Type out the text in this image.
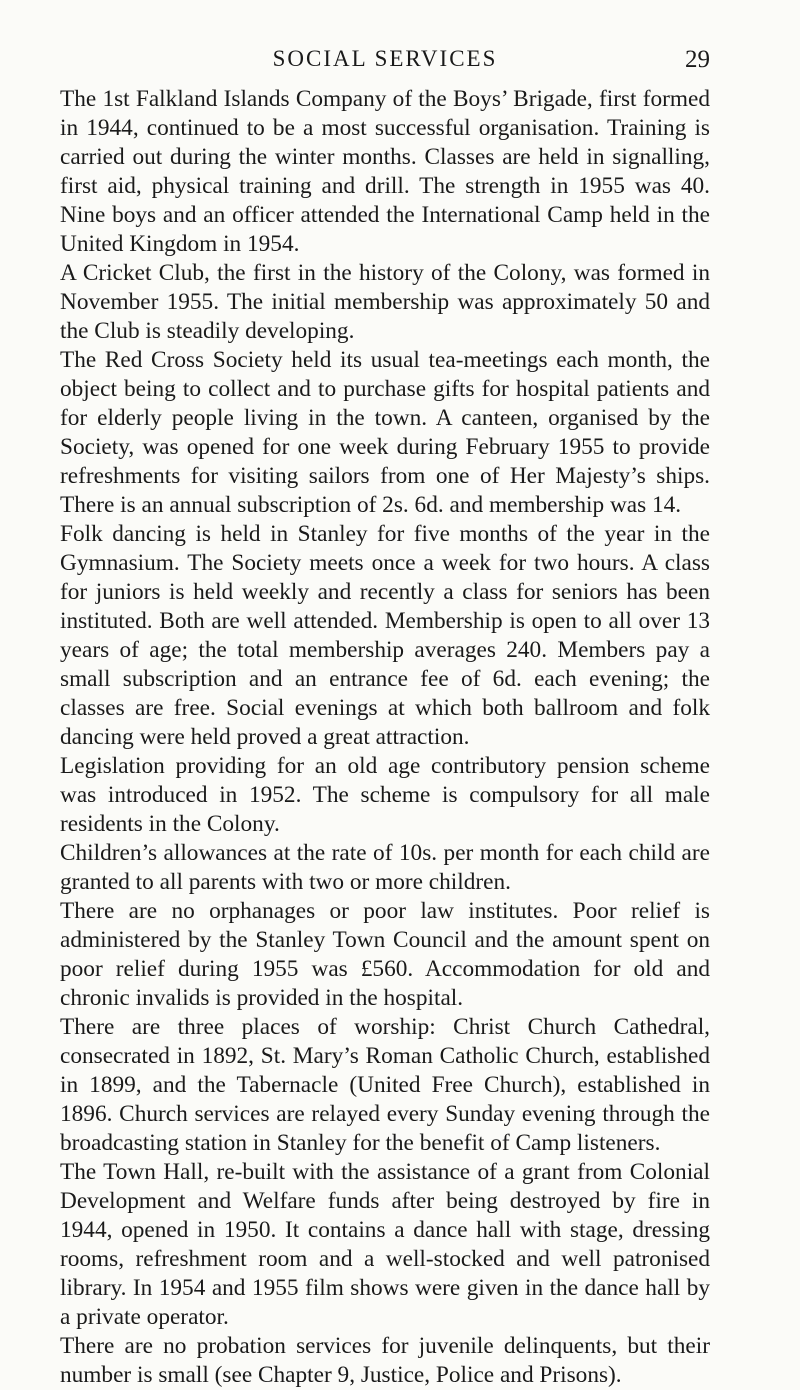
SOCIAL SERVICES	29

The 1st Falkland Islands Company of the Boys’ Brigade, first formed in 1944, continued to be a most successful organisation. Training is carried out during the winter months. Classes are held in signalling, first aid, physical training and drill. The strength in 1955 was 40. Nine boys and an officer attended the International Camp held in the United Kingdom in 1954.

A Cricket Club, the first in the history of the Colony, was formed in November 1955. The initial membership was approximately 50 and the Club is steadily developing.

The Red Cross Society held its usual tea-meetings each month, the object being to collect and to purchase gifts for hospital patients and for elderly people living in the town. A canteen, organised by the Society, was opened for one week during February 1955 to provide refreshments for visiting sailors from one of Her Majesty’s ships. There is an annual subscription of 2s. 6d. and membership was 14.

Folk dancing is held in Stanley for five months of the year in the Gymnasium. The Society meets once a week for two hours. A class for juniors is held weekly and recently a class for seniors has been instituted. Both are well attended. Membership is open to all over 13 years of age; the total membership averages 240. Members pay a small subscription and an entrance fee of 6d. each evening; the classes are free. Social evenings at which both ballroom and folk dancing were held proved a great attraction.

Legislation providing for an old age contributory pension scheme was introduced in 1952. The scheme is compulsory for all male residents in the Colony.

Children’s allowances at the rate of 10s. per month for each child are granted to all parents with two or more children.

There are no orphanages or poor law institutes. Poor relief is administered by the Stanley Town Council and the amount spent on poor relief during 1955 was £560. Accommodation for old and chronic invalids is provided in the hospital.

There are three places of worship: Christ Church Cathedral, consecrated in 1892, St. Mary’s Roman Catholic Church, established in 1899, and the Tabernacle (United Free Church), established in 1896. Church services are relayed every Sunday evening through the broadcasting station in Stanley for the benefit of Camp listeners.

The Town Hall, re-built with the assistance of a grant from Colonial Development and Welfare funds after being destroyed by fire in 1944, opened in 1950. It contains a dance hall with stage, dressing rooms, refreshment room and a well-stocked and well patronised library. In 1954 and 1955 film shows were given in the dance hall by a private operator.

There are no probation services for juvenile delinquents, but their number is small (see Chapter 9, Justice, Police and Prisons).
